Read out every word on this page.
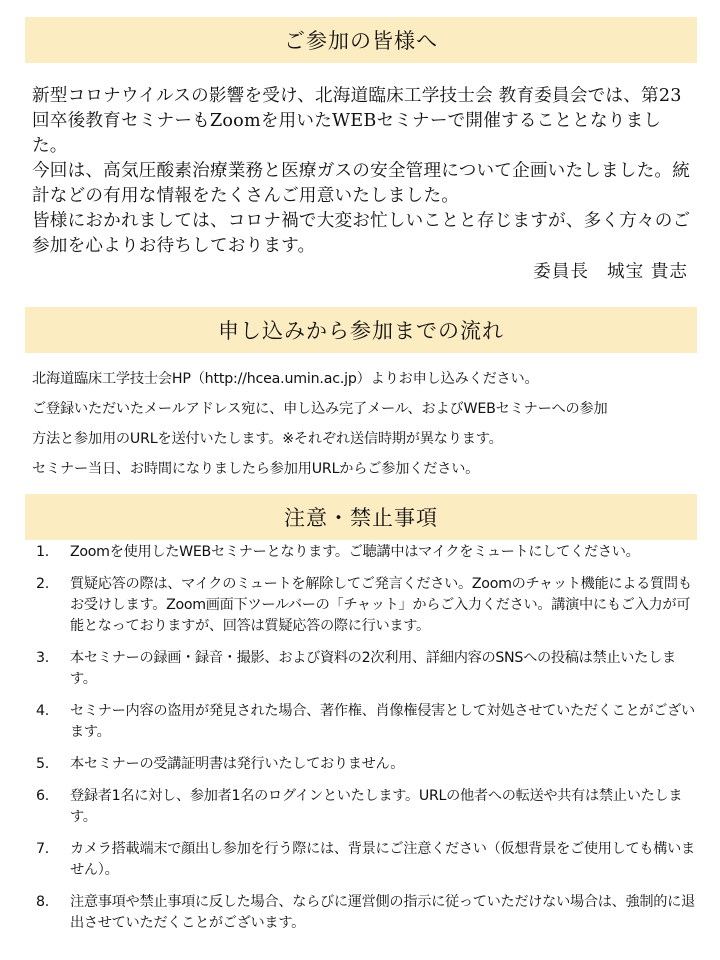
ご参加の皆様へ

新型コロナウイルスの影響を受け、北海道臨床工学技士会 教育委員会では、第23回卒後教育セミナーもZoomを用いたWEBセミナーで開催することとなりました。

今回は、高気圧酸素治療業務と医療ガスの安全管理について企画いたしました。統計などの有用な情報をたくさんご用意いたしました。

皆様におかれましては、コロナ禍で大変お忙しいことと存じますが、多く方々のご参加を心よりお待ちしております。

委員長 城宝 貴志

申し込みから参加までの流れ

北海道臨床工学技士会HP（http://hcea.umin.ac.jp）よりお申し込みください。

ご登録いただいたメールアドレス宛に、申し込み完了メール、およびWEBセミナーへの参加

方法と参加用のURLを送付いたします。※それぞれ送信時期が異なります。

セミナー当日、お時間になりましたら参加用URLからご参加ください。

注意・禁止事項
1.	Zoomを使用したWEBセミナーとなります。ご聴講中はマイクをミュートにしてください。
2.	質疑応答の際は、マイクのミュートを解除してご発言ください。Zoomのチャット機能による質問もお受けします。Zoom画面下ツールバーの「チャット」からご入力ください。講演中にもご入力が可能となっておりますが、回答は質疑応答の際に行います。
3.	本セミナーの録画・録音・撮影、および資料の2次利用、詳細内容のSNSへの投稿は禁止いたします。
4.	セミナー内容の盗用が発見された場合、著作権、肖像権侵害として対処させていただくことがございます。
5.	本セミナーの受講証明書は発行いたしておりません。
6.	登録者1名に対し、参加者1名のログインといたします。URLの他者への転送や共有は禁止いたします。
7.	カメラ搭載端末で顔出し参加を行う際には、背景にご注意ください（仮想背景をご使用しても構いません）。
8.	注意事項や禁止事項に反した場合、ならびに運営側の指示に従っていただけない場合は、強制的に退出させていただくことがございます。
